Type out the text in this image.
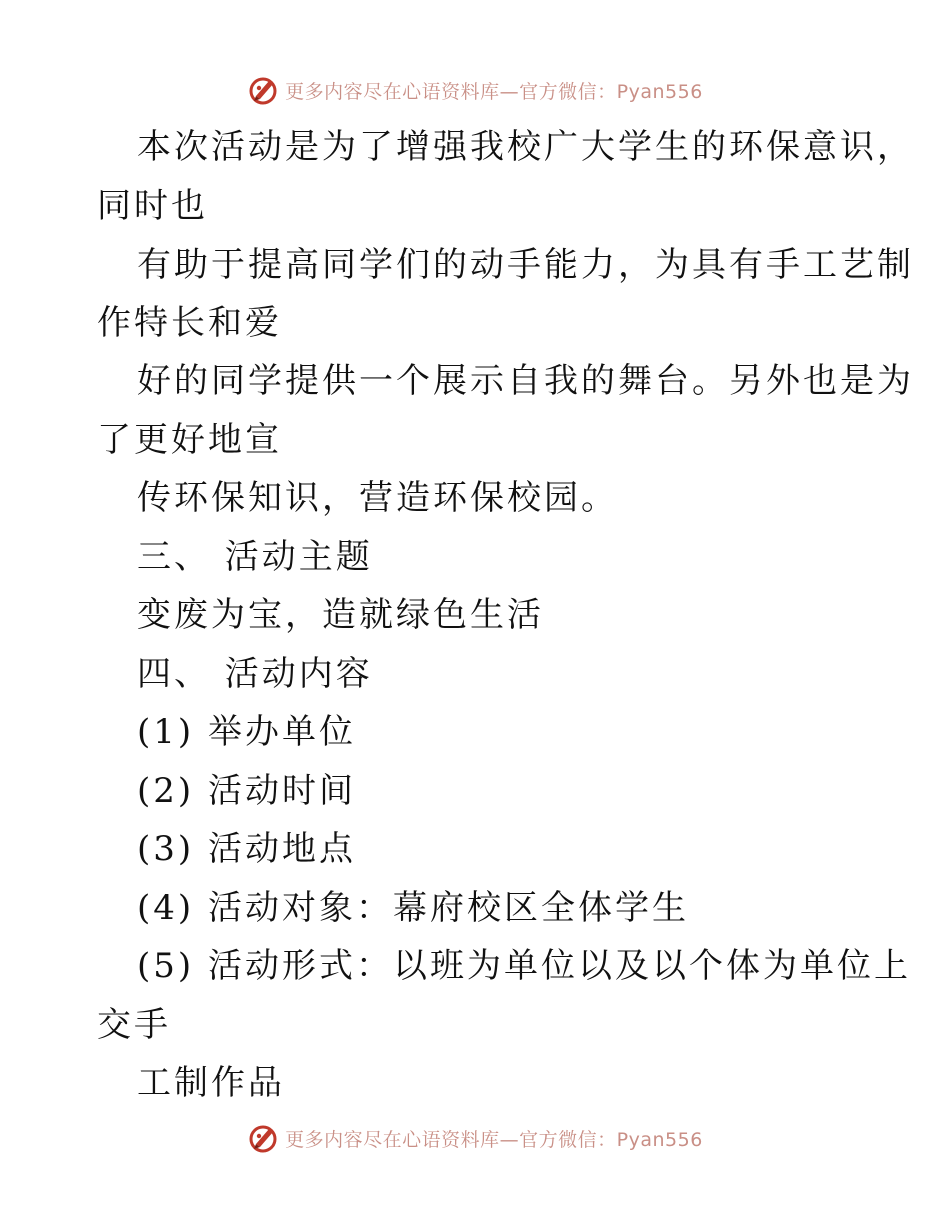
更多内容尽在心语资料库—官方微信：Pyan556
本次活动是为了增强我校广大学生的环保意识，
同时也
有助于提高同学们的动手能力，为具有手工艺制
作特长和爱
好的同学提供一个展示自我的舞台。另外也是为
了更好地宣
传环保知识，营造环保校园。
三、 活动主题
变废为宝，造就绿色生活
四、 活动内容
(1) 举办单位
(2) 活动时间
(3) 活动地点
(4) 活动对象：幕府校区全体学生
(5) 活动形式：以班为单位以及以个体为单位上
交手
工制作品
更多内容尽在心语资料库—官方微信：Pyan556
